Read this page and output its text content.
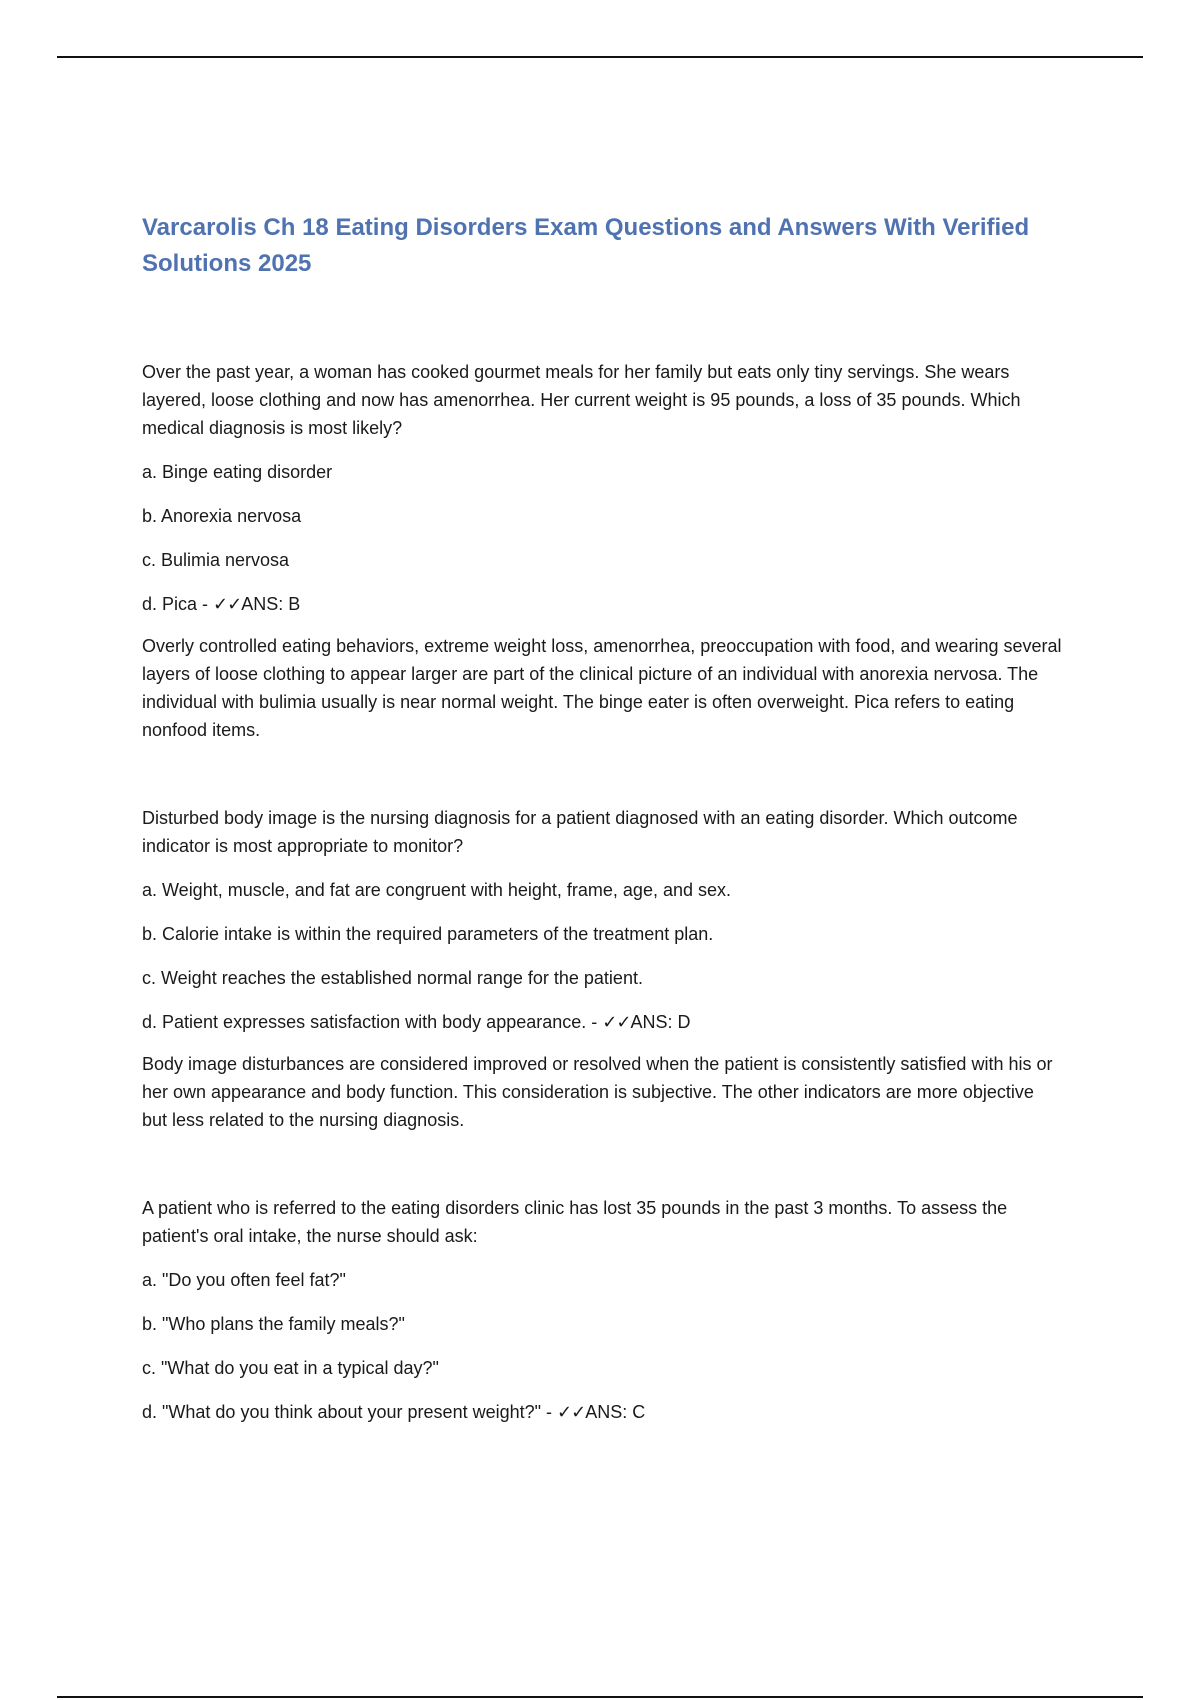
Varcarolis Ch 18 Eating Disorders Exam Questions and Answers With Verified Solutions 2025

Over the past year, a woman has cooked gourmet meals for her family but eats only tiny servings. She wears layered, loose clothing and now has amenorrhea. Her current weight is 95 pounds, a loss of 35 pounds. Which medical diagnosis is most likely?

a. Binge eating disorder

b. Anorexia nervosa

c. Bulimia nervosa

d. Pica - ✓✓ANS: B

Overly controlled eating behaviors, extreme weight loss, amenorrhea, preoccupation with food, and wearing several layers of loose clothing to appear larger are part of the clinical picture of an individual with anorexia nervosa. The individual with bulimia usually is near normal weight. The binge eater is often overweight. Pica refers to eating nonfood items.

Disturbed body image is the nursing diagnosis for a patient diagnosed with an eating disorder. Which outcome indicator is most appropriate to monitor?

a. Weight, muscle, and fat are congruent with height, frame, age, and sex.

b. Calorie intake is within the required parameters of the treatment plan.

c. Weight reaches the established normal range for the patient.

d. Patient expresses satisfaction with body appearance. - ✓✓ANS: D

Body image disturbances are considered improved or resolved when the patient is consistently satisfied with his or her own appearance and body function. This consideration is subjective. The other indicators are more objective but less related to the nursing diagnosis.

A patient who is referred to the eating disorders clinic has lost 35 pounds in the past 3 months. To assess the patient's oral intake, the nurse should ask:

a. "Do you often feel fat?"

b. "Who plans the family meals?"

c. "What do you eat in a typical day?"

d. "What do you think about your present weight?" - ✓✓ANS: C
